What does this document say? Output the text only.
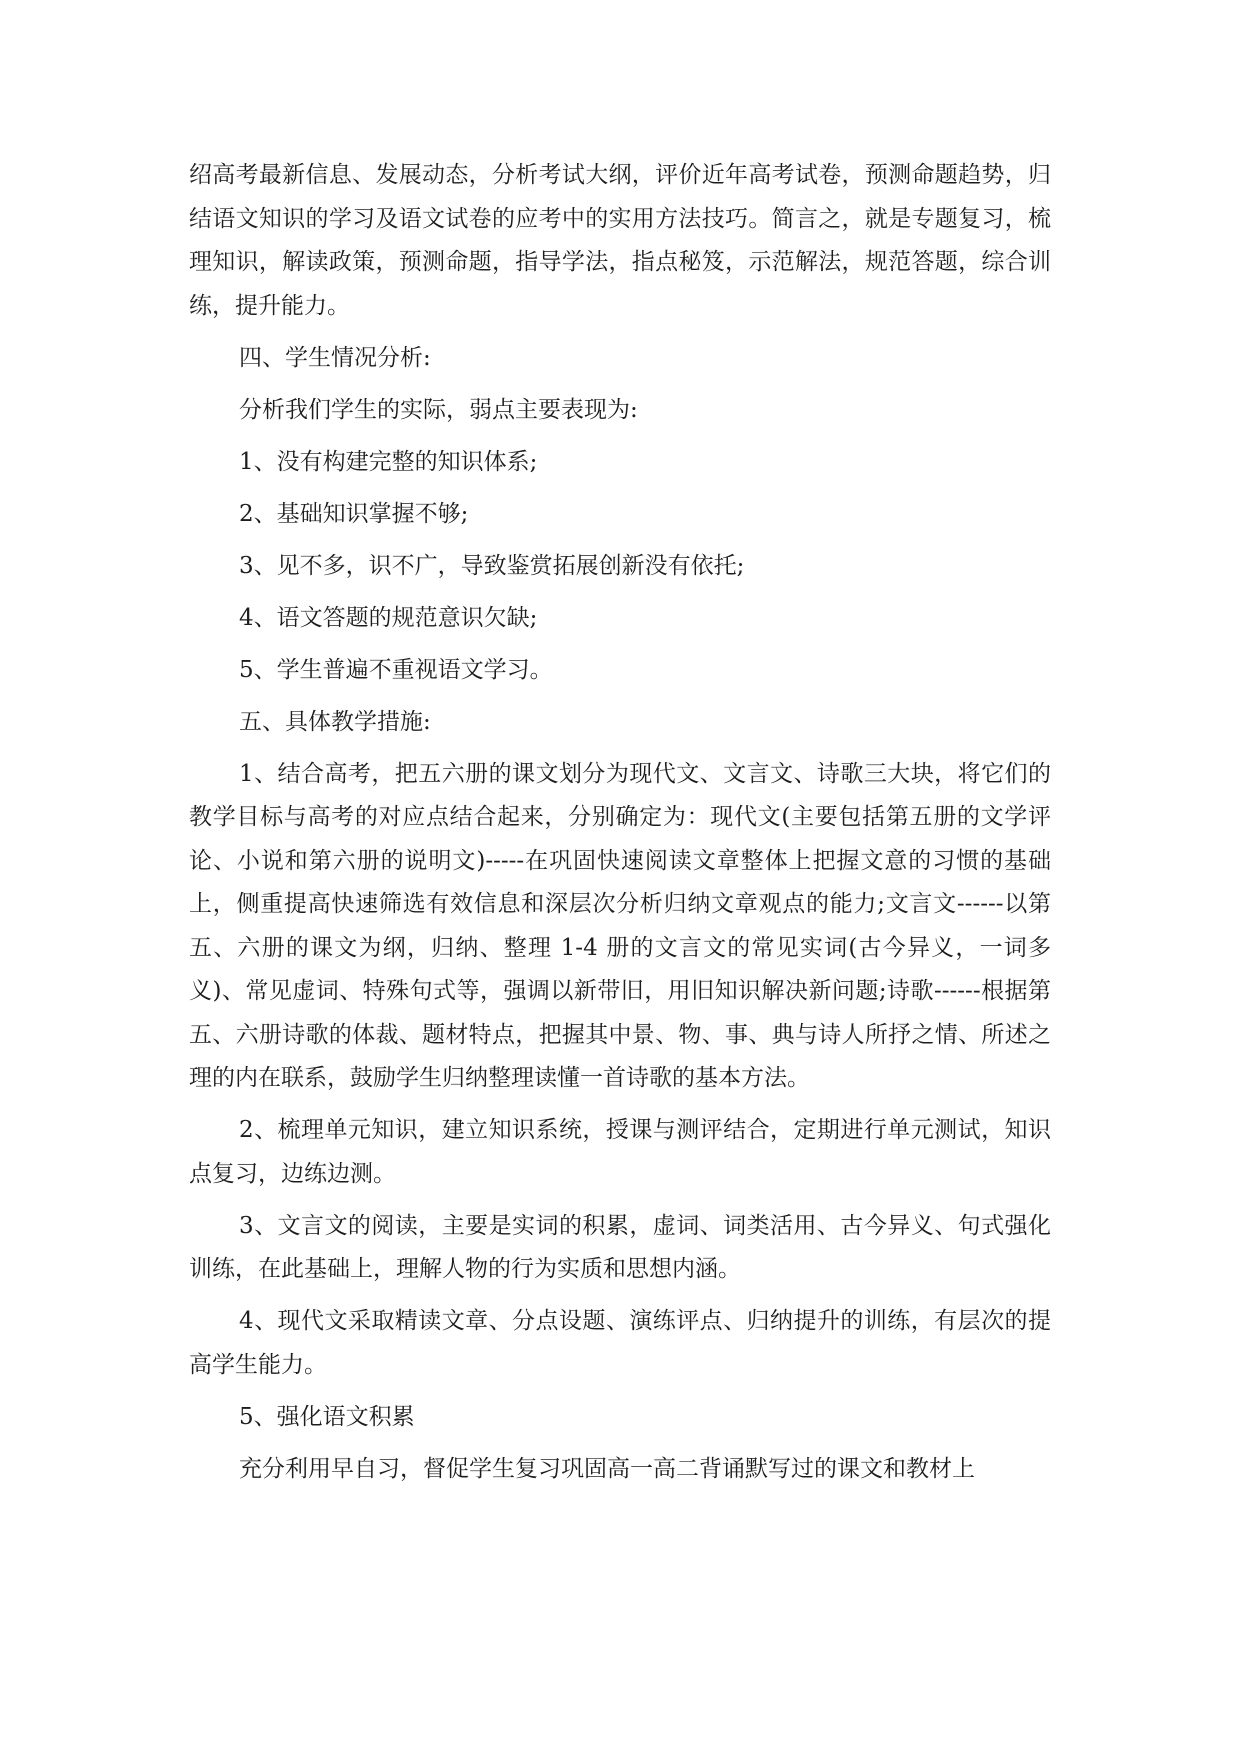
绍高考最新信息、发展动态，分析考试大纲，评价近年高考试卷，预测命题趋势，归结语文知识的学习及语文试卷的应考中的实用方法技巧。简言之，就是专题复习，梳理知识，解读政策，预测命题，指导学法，指点秘笈，示范解法，规范答题，综合训练，提升能力。

四、学生情况分析:

分析我们学生的实际，弱点主要表现为:

1、没有构建完整的知识体系;

2、基础知识掌握不够;

3、见不多，识不广，导致鉴赏拓展创新没有依托;

4、语文答题的规范意识欠缺;

5、学生普遍不重视语文学习。

五、具体教学措施:

1、结合高考，把五六册的课文划分为现代文、文言文、诗歌三大块，将它们的教学目标与高考的对应点结合起来，分别确定为：现代文(主要包括第五册的文学评论、小说和第六册的说明文)-----在巩固快速阅读文章整体上把握文意的习惯的基础上，侧重提高快速筛选有效信息和深层次分析归纳文章观点的能力;文言文------以第五、六册的课文为纲，归纳、整理 1-4 册的文言文的常见实词(古今异义，一词多义)、常见虚词、特殊句式等，强调以新带旧，用旧知识解决新问题;诗歌------根据第五、六册诗歌的体裁、题材特点，把握其中景、物、事、典与诗人所抒之情、所述之理的内在联系，鼓励学生归纳整理读懂一首诗歌的基本方法。

2、梳理单元知识，建立知识系统，授课与测评结合，定期进行单元测试，知识点复习，边练边测。

3、文言文的阅读，主要是实词的积累，虚词、词类活用、古今异义、句式强化训练，在此基础上，理解人物的行为实质和思想内涵。

4、现代文采取精读文章、分点设题、演练评点、归纳提升的训练，有层次的提高学生能力。

5、强化语文积累

充分利用早自习，督促学生复习巩固高一高二背诵默写过的课文和教材上
